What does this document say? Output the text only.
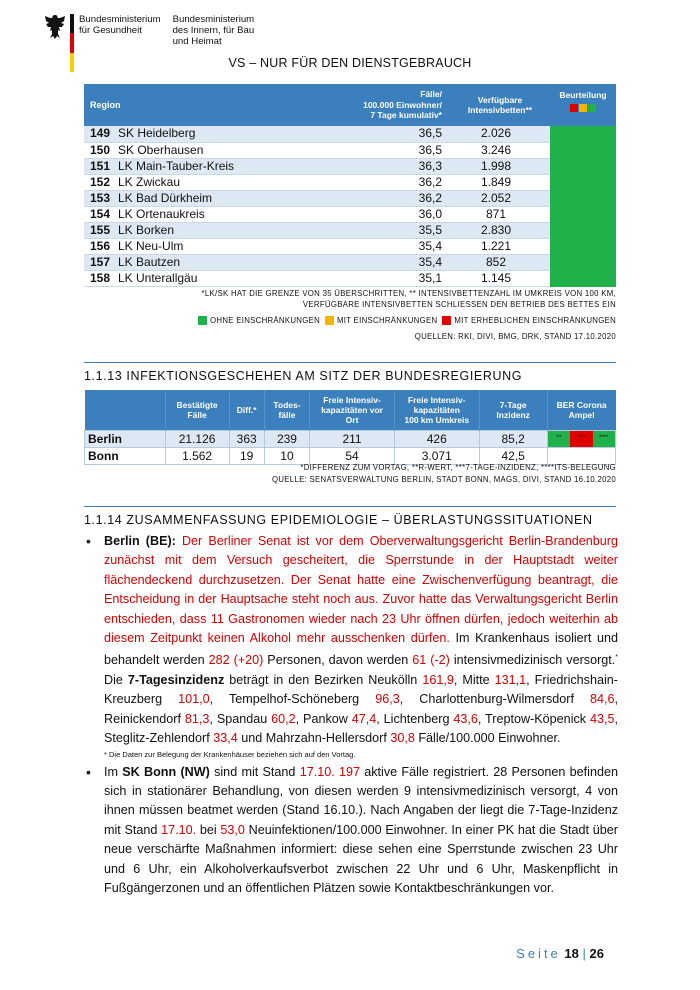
Bundesministerium
für Gesundheit
Bundesministerium
des Innern, für Bau
und Heimat
VS – NUR FÜR DEN DIENSTGEBRAUCH
Region		Fälle/
100.000 Einwohner/
7 Tage kumulativ*	Verfügbare
Intensivbetten**	Beurteilung

149	SK Heidelberg	36,5	2.026	
150	SK Oberhausen	36,5	3.246	
151	LK Main-Tauber-Kreis	36,3	1.998	
152	LK Zwickau	36,2	1.849	
153	LK Bad Dürkheim	36,2	2.052	
154	LK Ortenaukreis	36,0	871	
155	LK Borken	35,5	2.830	
156	LK Neu-Ulm	35,4	1.221	
157	LK Bautzen	35,4	852	
158	LK Unterallgäu	35,1	1.145	
*LK/SK HAT DIE GRENZE VON 35 ÜBERSCHRITTEN, ** INTENSIVBETTENZAHL IM UMKREIS VON 100 KM,
VERFÜGBARE INTENSIVBETTEN SCHLIESSEN DEN BETRIEB DES BETTES EIN
OHNE EINSCHRÄNKUNGEN MIT EINSCHRÄNKUNGEN MIT ERHEBLICHEN EINSCHRÄNKUNGEN
QUELLEN: RKI, DIVI, BMG, DRK, STAND 17.10.2020
1.1.13 INFEKTIONSGESCHEHEN AM SITZ DER BUNDESREGIERUNG
	Bestätigte
Fälle	Diff.*	Todes-
fälle	Freie Intensiv-
kapazitäten vor
Ort	Freie Intensiv-
kapazitäten
100 km Umkreis	7-Tage
Inzidenz	BER Corona
Ampel
Berlin	21.126	363	239	211	426	85,2	** *** ****

Bonn	1.562	19	10	54	3.071	42,5	
*DIFFERENZ ZUM VORTAG, **R-WERT, ***7-TAGE-INZIDENZ, ****ITS-BELEGUNG
QUELLE: SENATSVERWALTUNG BERLIN, STADT BONN, MAGS, DIVI, STAND 16.10.2020
1.1.14 ZUSAMMENFASSUNG EPIDEMIOLOGIE – ÜBERLASTUNGSSITUATIONEN
• Berlin (BE): Der Berliner Senat ist vor dem Oberverwaltungsgericht Berlin-Brandenburg zunächst mit dem Versuch gescheitert, die Sperrstunde in der Hauptstadt weiter flächendeckend durchzusetzen. Der Senat hatte eine Zwischenverfügung beantragt, die Entscheidung in der Hauptsache steht noch aus. Zuvor hatte das Verwaltungsgericht Berlin entschieden, dass 11 Gastronomen wieder nach 23 Uhr öffnen dürfen, jedoch weiterhin ab diesem Zeitpunkt keinen Alkohol mehr ausschenken dürfen. Im Krankenhaus isoliert und behandelt werden 282 (+20) Personen, davon werden 61 (-2) intensivmedizinisch versorgt.* Die 7-Tagesinzidenz beträgt in den Bezirken Neukölln 161,9, Mitte 131,1, Friedrichshain-Kreuzberg 101,0, Tempelhof-Schöneberg 96,3, Charlottenburg-Wilmersdorf 84,6, Reinickendorf 81,3, Spandau 60,2, Pankow 47,4, Lichtenberg 43,6, Treptow-Köpenick 43,5, Steglitz-Zehlendorf 33,4 und Mahrzahn-Hellersdorf 30,8 Fälle/100.000 Einwohner.
* Die Daten zur Belegung der Krankenhäuser beziehen sich auf den Vortag.
• Im SK Bonn (NW) sind mit Stand 17.10. 197 aktive Fälle registriert. 28 Personen befinden sich in stationärer Behandlung, von diesen werden 9 intensivmedizinisch versorgt, 4 von ihnen müssen beatmet werden (Stand 16.10.). Nach Angaben der liegt die 7-Tage-Inzidenz mit Stand 17.10. bei 53,0 Neuinfektionen/100.000 Einwohner. In einer PK hat die Stadt über neue verschärfte Maßnahmen informiert: diese sehen eine Sperrstunde zwischen 23 Uhr und 6 Uhr, ein Alkoholverkaufsverbot zwischen 22 Uhr und 6 Uhr, Maskenpflicht in Fußgängerzonen und an öffentlichen Plätzen sowie Kontaktbeschränkungen vor.
Seite 18 | 26
